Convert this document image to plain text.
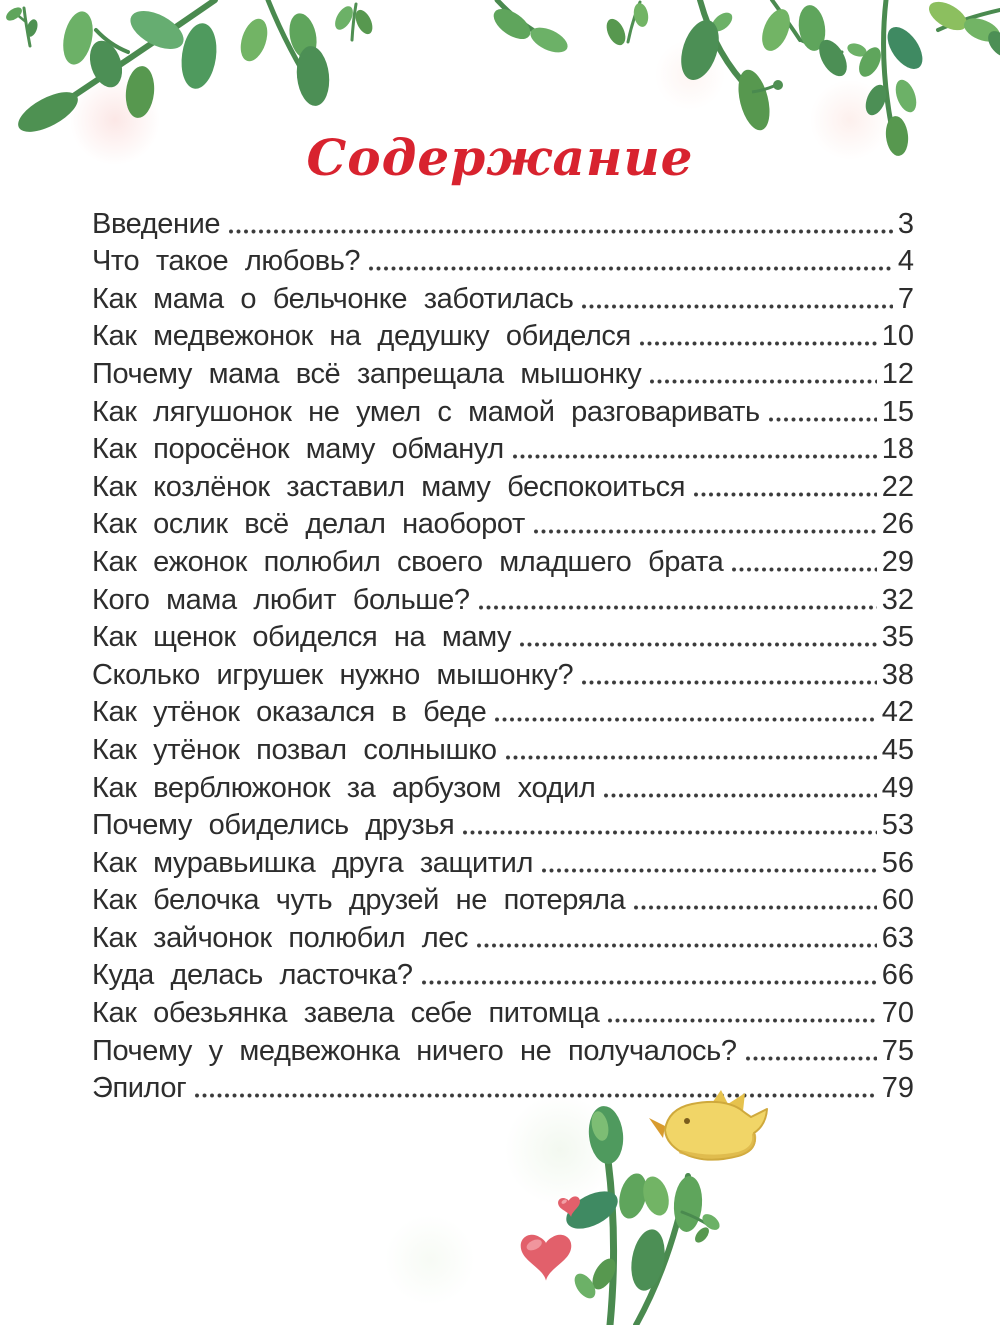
Содержание
Введение	3
Что такое любовь?	4
Как мама о бельчонке заботилась	7
Как медвежонок на дедушку обиделся	10
Почему мама всё запрещала мышонку	12
Как лягушонок не умел с мамой разговаривать	15
Как поросёнок маму обманул	18
Как козлёнок заставил маму беспокоиться	22
Как ослик всё делал наоборот	26
Как ежонок полюбил своего младшего брата	29
Кого мама любит больше?	32
Как щенок обиделся на маму	35
Сколько игрушек нужно мышонку?	38
Как утёнок оказался в беде	42
Как утёнок позвал солнышко	45
Как верблюжонок за арбузом ходил	49
Почему обиделись друзья	53
Как муравьишка друга защитил	56
Как белочка чуть друзей не потеряла	60
Как зайчонок полюбил лес	63
Куда делась ласточка?	66
Как обезьянка завела себе питомца	70
Почему у медвежонка ничего не получалось?	75
Эпилог	79
